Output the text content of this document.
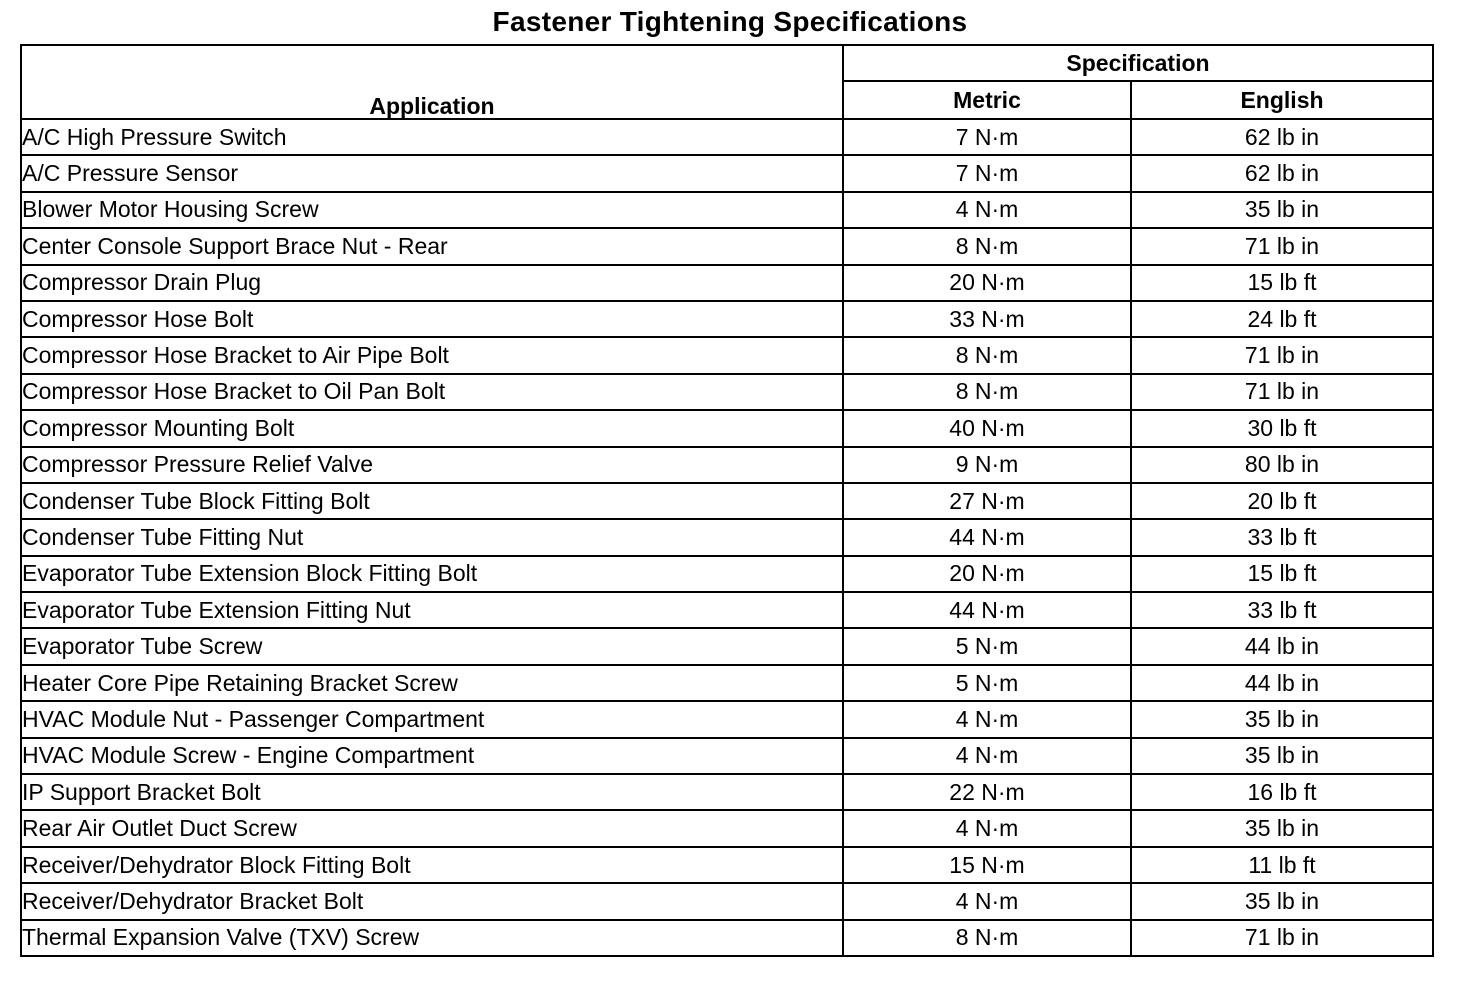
Fastener Tightening Specifications
Application	Specification	
	Metric	English
A/C High Pressure Switch	7 N·m	62 lb in
A/C Pressure Sensor	7 N·m	62 lb in
Blower Motor Housing Screw	4 N·m	35 lb in
Center Console Support Brace Nut - Rear	8 N·m	71 lb in
Compressor Drain Plug	20 N·m	15 lb ft
Compressor Hose Bolt	33 N·m	24 lb ft
Compressor Hose Bracket to Air Pipe Bolt	8 N·m	71 lb in
Compressor Hose Bracket to Oil Pan Bolt	8 N·m	71 lb in
Compressor Mounting Bolt	40 N·m	30 lb ft
Compressor Pressure Relief Valve	9 N·m	80 lb in
Condenser Tube Block Fitting Bolt	27 N·m	20 lb ft
Condenser Tube Fitting Nut	44 N·m	33 lb ft
Evaporator Tube Extension Block Fitting Bolt	20 N·m	15 lb ft
Evaporator Tube Extension Fitting Nut	44 N·m	33 lb ft
Evaporator Tube Screw	5 N·m	44 lb in
Heater Core Pipe Retaining Bracket Screw	5 N·m	44 lb in
HVAC Module Nut - Passenger Compartment	4 N·m	35 lb in
HVAC Module Screw - Engine Compartment	4 N·m	35 lb in
IP Support Bracket Bolt	22 N·m	16 lb ft
Rear Air Outlet Duct Screw	4 N·m	35 lb in
Receiver/Dehydrator Block Fitting Bolt	15 N·m	11 lb ft
Receiver/Dehydrator Bracket Bolt	4 N·m	35 lb in
Thermal Expansion Valve (TXV) Screw	8 N·m	71 lb in
